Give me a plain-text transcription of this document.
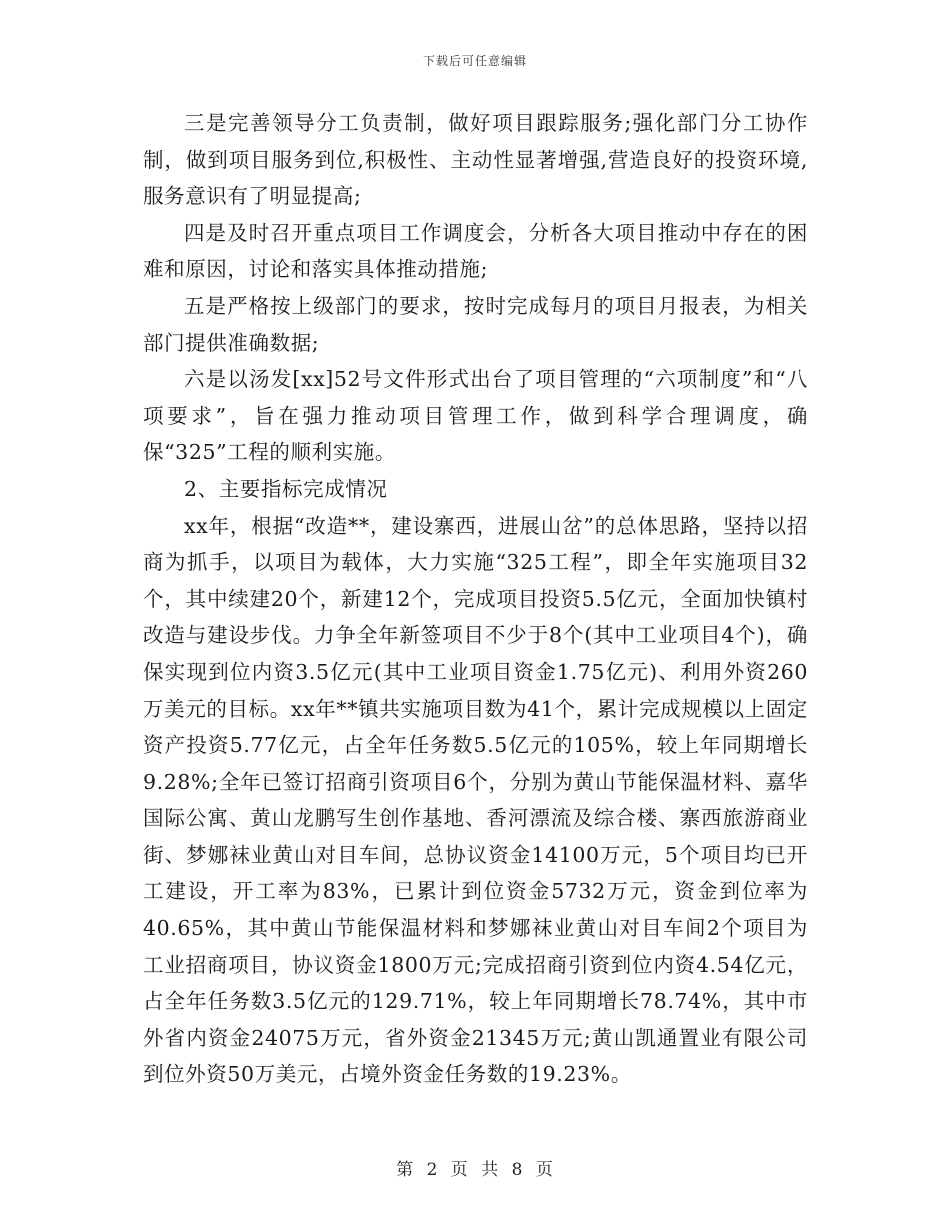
下载后可任意编辑

三是完善领导分工负责制，做好项目跟踪服务;强化部门分工协作制，做到项目服务到位,积极性、主动性显著增强,营造良好的投资环境,服务意识有了明显提高;

四是及时召开重点项目工作调度会，分析各大项目推动中存在的困难和原因，讨论和落实具体推动措施;

五是严格按上级部门的要求，按时完成每月的项目月报表，为相关部门提供准确数据;

六是以汤发[xx]52号文件形式出台了项目管理的“六项制度”和“八项要求”，旨在强力推动项目管理工作，做到科学合理调度，确保“325”工程的顺利实施。

2、主要指标完成情况

xx年，根据“改造**，建设寨西，进展山岔”的总体思路，坚持以招商为抓手，以项目为载体，大力实施“325工程”，即全年实施项目32个，其中续建20个，新建12个，完成项目投资5.5亿元，全面加快镇村改造与建设步伐。力争全年新签项目不少于8个(其中工业项目4个)，确保实现到位内资3.5亿元(其中工业项目资金1.75亿元)、利用外资260万美元的目标。xx年**镇共实施项目数为41个，累计完成规模以上固定资产投资5.77亿元，占全年任务数5.5亿元的105%，较上年同期增长9.28%;全年已签订招商引资项目6个，分别为黄山节能保温材料、嘉华国际公寓、黄山龙鹏写生创作基地、香河漂流及综合楼、寨西旅游商业街、梦娜袜业黄山对目车间，总协议资金14100万元，5个项目均已开工建设，开工率为83%，已累计到位资金5732万元，资金到位率为40.65%，其中黄山节能保温材料和梦娜袜业黄山对目车间2个项目为工业招商项目，协议资金1800万元;完成招商引资到位内资4.54亿元，占全年任务数3.5亿元的129.71%，较上年同期增长78.74%，其中市外省内资金24075万元，省外资金21345万元;黄山凯通置业有限公司到位外资50万美元，占境外资金任务数的19.23%。

第 2 页 共 8 页
